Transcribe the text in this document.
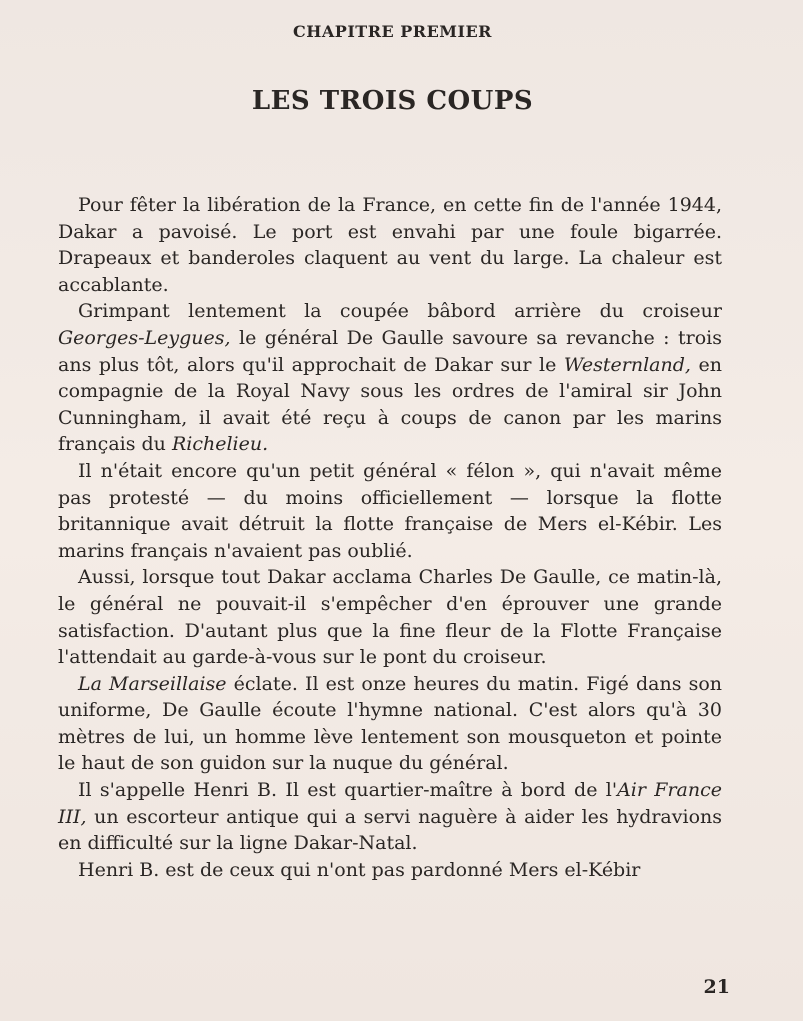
CHAPITRE PREMIER
LES TROIS COUPS

Pour fêter la libération de la France, en cette fin de l'année 1944, Dakar a pavoisé. Le port est envahi par une foule bigarrée. Drapeaux et banderoles claquent au vent du large. La chaleur est accablante.

Grimpant lentement la coupée bâbord arrière du croiseur Georges-Leygues, le général De Gaulle savoure sa revanche : trois ans plus tôt, alors qu'il approchait de Dakar sur le Westernland, en compagnie de la Royal Navy sous les ordres de l'amiral sir John Cunningham, il avait été reçu à coups de canon par les marins français du Richelieu.

Il n'était encore qu'un petit général « félon », qui n'avait même pas protesté — du moins officiellement — lorsque la flotte britannique avait détruit la flotte française de Mers el-Kébir. Les marins français n'avaient pas oublié.

Aussi, lorsque tout Dakar acclama Charles De Gaulle, ce matin-là, le général ne pouvait-il s'empêcher d'en éprouver une grande satisfaction. D'autant plus que la fine fleur de la Flotte Française l'attendait au garde-à-vous sur le pont du croiseur.

La Marseillaise éclate. Il est onze heures du matin. Figé dans son uniforme, De Gaulle écoute l'hymne national. C'est alors qu'à 30 mètres de lui, un homme lève lentement son mousqueton et pointe le haut de son guidon sur la nuque du général.

Il s'appelle Henri B. Il est quartier-maître à bord de l'Air France III, un escorteur antique qui a servi naguère à aider les hydravions en difficulté sur la ligne Dakar-Natal.

Henri B. est de ceux qui n'ont pas pardonné Mers el-Kébir

21
